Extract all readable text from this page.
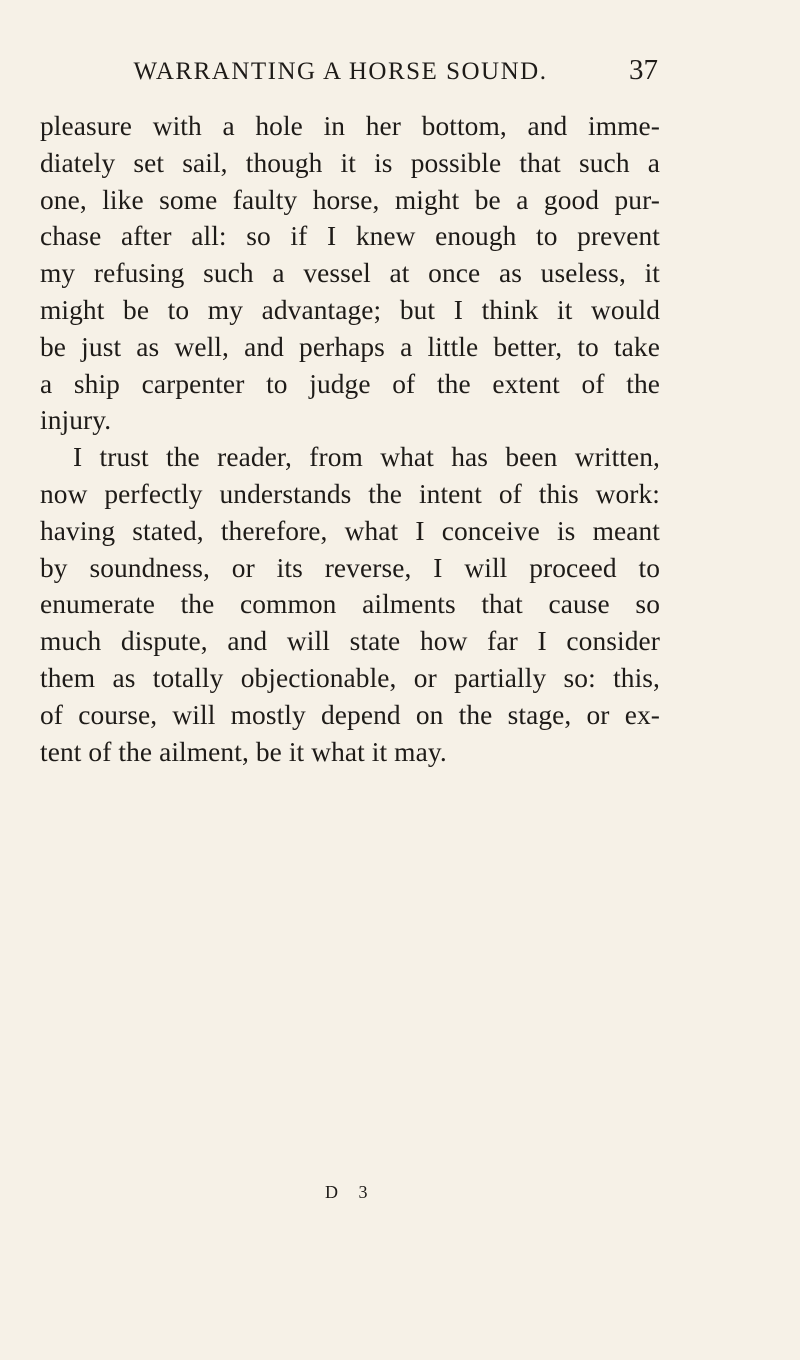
WARRANTING A HORSE SOUND.	37
pleasure with a hole in her bottom, and imme-
diately set sail, though it is possible that such a
one, like some faulty horse, might be a good pur-
chase after all: so if I knew enough to prevent
my refusing such a vessel at once as useless, it
might be to my advantage; but I think it would
be just as well, and perhaps a little better, to take
a ship carpenter to judge of the extent of the
injury.
I trust the reader, from what has been written,
now perfectly understands the intent of this work:
having stated, therefore, what I conceive is meant
by soundness, or its reverse, I will proceed to
enumerate the common ailments that cause so
much dispute, and will state how far I consider
them as totally objectionable, or partially so: this,
of course, will mostly depend on the stage, or ex-
tent of the ailment, be it what it may.
D 3
